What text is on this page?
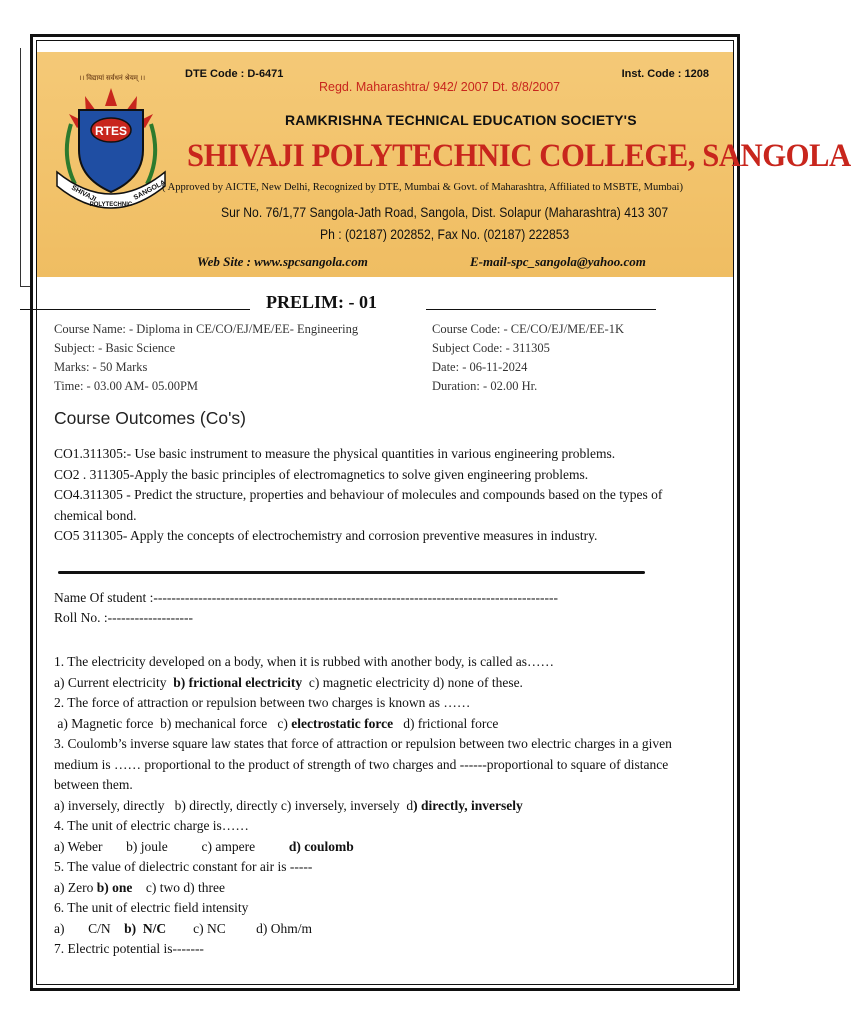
RTES
SHIVAJI
POLYTECHNIC
SANGOLA
।। विद्यायां सर्वधनं श्रेयम् ।।	DTE Code : D-6471
Regd. Maharashtra/ 942/ 2007 Dt. 8/8/2007
Inst. Code : 1208
RAMKRISHNA TECHNICAL EDUCATION SOCIETY'S
SHIVAJI POLYTECHNIC COLLEGE, SANGOLA
( Approved by AICTE, New Delhi, Recognized by DTE, Mumbai & Govt. of Maharashtra, Affiliated to MSBTE, Mumbai)
Sur No. 76/1,77 Sangola-Jath Road, Sangola, Dist. Solapur (Maharashtra) 413 307
Ph : (02187) 202852, Fax No. (02187) 222853
Web Site : www.spcsangola.com	E-mail-spc_sangola@yahoo.com
PRELIM: - 01
Course Name: - Diploma in CE/CO/EJ/ME/EE- Engineering
Subject: - Basic Science
Marks: - 50 Marks
Time: - 03.00 AM- 05.00PM
Course Code: - CE/CO/EJ/ME/EE-1K
Subject Code: - 311305
Date: - 06-11-2024
Duration: - 02.00 Hr.
Course Outcomes (Co's)

CO1.311305:- Use basic instrument to measure the physical quantities in various engineering problems.

CO2 . 311305-Apply the basic principles of electromagnetics to solve given engineering problems.

CO4.311305 - Predict the structure, properties and behaviour of molecules and compounds based on the types of chemical bond.

CO5 311305- Apply the concepts of electrochemistry and corrosion preventive measures in industry.

Name Of student :------------------------------------------------------------------------------------------

Roll No. :-------------------

1. The electricity developed on a body, when it is rubbed with another body, is called as……

a) Current electricity  b) frictional electricity  c) magnetic electricity d) none of these.

2. The force of attraction or repulsion between two charges is known as ……

a) Magnetic force  b) mechanical force   c) electrostatic force   d) frictional force

3. Coulomb’s inverse square law states that force of attraction or repulsion between two electric charges in a given medium is …… proportional to the product of strength of two charges and ------proportional to square of distance between them.

a) inversely, directly   b) directly, directly c) inversely, inversely  d) directly, inversely

4. The unit of electric charge is……

a) Weber       b) joule          c) ampere          d) coulomb

5. The value of dielectric constant for air is -----

a) Zero b) one    c) two d) three

6. The unit of electric field intensity

a)       C/N    b)  N/C        c) NC         d) Ohm/m

7. Electric potential is-------
